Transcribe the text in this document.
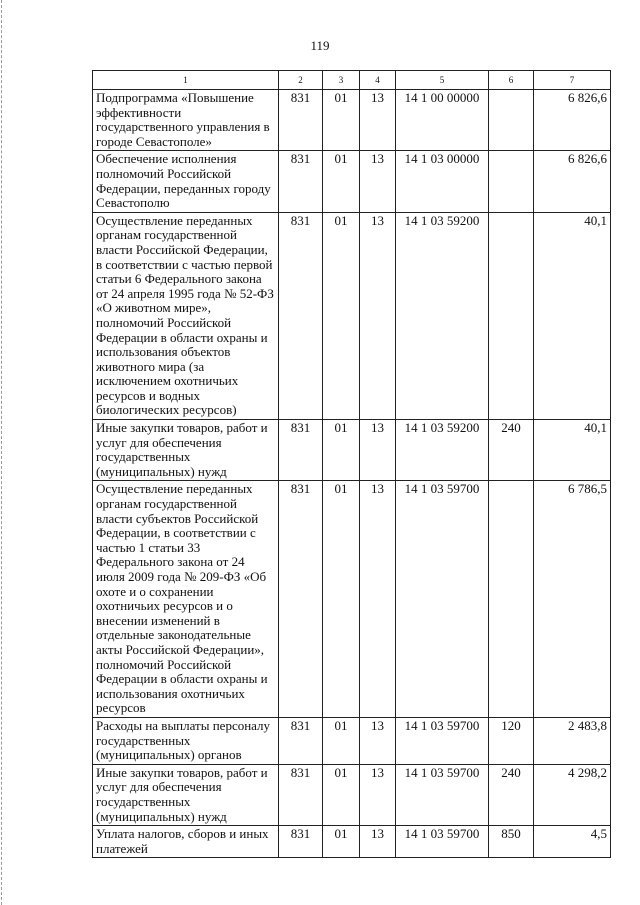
119
1	2	3	4	5	6	7
Подпрограмма «Повышение эффективности государственного управления в городе Севастополе»	831	01	13	14 1 00 00000		6 826,6
Обеспечение исполнения полномочий Российской Федерации, переданных городу Севастополю	831	01	13	14 1 03 00000		6 826,6
Осуществление переданных органам государственной власти Российской Федерации, в соответствии с частью первой статьи 6 Федерального закона от 24 апреля 1995 года № 52-ФЗ «О животном мире», полномочий Российской Федерации в области охраны и использования объектов животного мира (за исключением охотничьих ресурсов и водных биологических ресурсов)	831	01	13	14 1 03 59200		40,1
Иные закупки товаров, работ и услуг для обеспечения государственных (муниципальных) нужд	831	01	13	14 1 03 59200	240	40,1
Осуществление переданных органам государственной власти субъектов Российской Федерации, в соответствии с частью 1 статьи 33 Федерального закона от 24 июля 2009 года № 209-ФЗ «Об охоте и о сохранении охотничьих ресурсов и о внесении изменений в отдельные законодательные акты Российской Федерации», полномочий Российской Федерации в области охраны и использования охотничьих ресурсов	831	01	13	14 1 03 59700		6 786,5
Расходы на выплаты персоналу государственных (муниципальных) органов	831	01	13	14 1 03 59700	120	2 483,8
Иные закупки товаров, работ и услуг для обеспечения государственных (муниципальных) нужд	831	01	13	14 1 03 59700	240	4 298,2
Уплата налогов, сборов и иных платежей	831	01	13	14 1 03 59700	850	4,5
